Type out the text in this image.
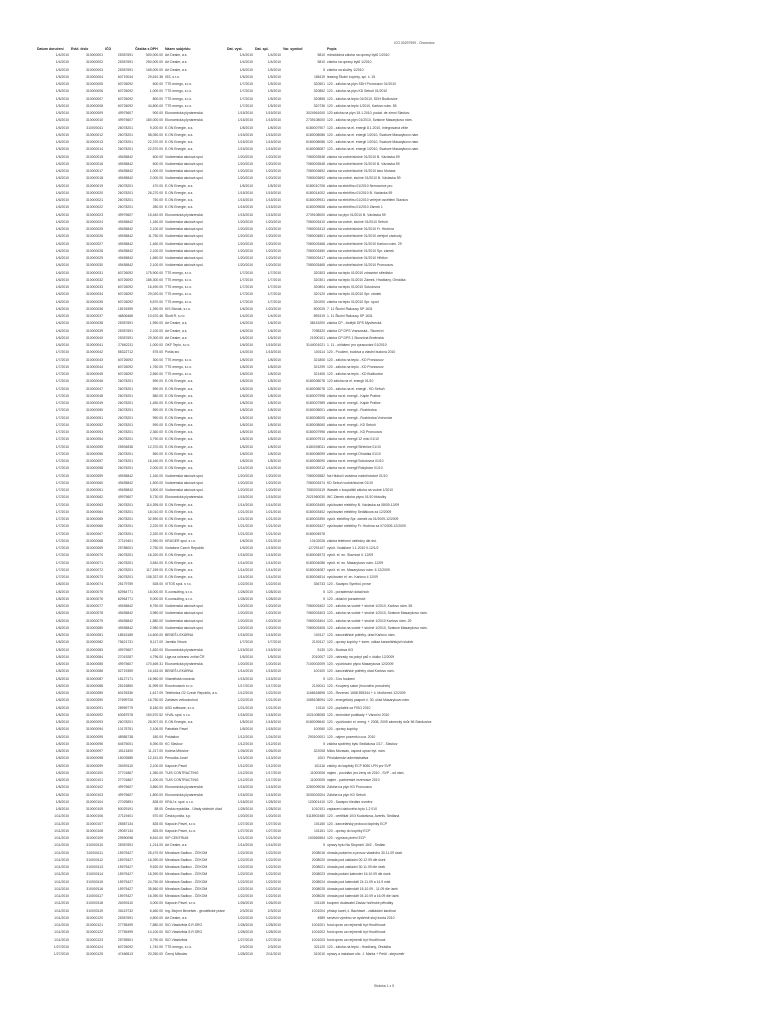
ICO 00297909 - Chomutov
Datum doručení	Evid. číslo	IČO	Částka s DPH	Název subjektu	Dat. vyst.	Dat. spl.	Var. symbol	Popis
1/4/2010	310000001	25357691	500,000.00	Art Dealer, a.s.	1/4/2010	1/4/2010	5810	mimořádná záloha na opravy bytů 1/2010
1/4/2010	310000002	25357691	250,000.00	Art Dealer, a.s.	1/4/2010	1/4/2010	5810	záloha na opravy bytů 1/2010
1/5/2010	310000003	25357691	165,000.00	Art Dealer, a.s.	1/5/2010	1/5/2010	5	záloha na služby 1/2010
1/5/2010	310000004	60719044	29,610.38	ISS, s.r.o.	1/5/2010	1/5/2010	186119	leasing Školní kopírky, spl. č. 15
1/5/2010	310000005	60726092	600.00	TTS energo, s.r.o.	1/7/2010	1/5/2010	320501	120 - záloha na plyn SDH Pronousov 01/2010
1/5/2010	310000006	60726092	1,000.00	TTS energo, s.r.o.	1/7/2010	1/5/2010	320852	120 - záloha na plyn KD Sebuň 01/2010
1/5/2010	310000007	60726092	800.00	TTS energo, s.r.o.	1/7/2010	1/5/2010	320855	120 - záloha na teplo 01/2010, SDH Budkovice
1/5/2010	310000008	60726092	44,800.00	TTS energo, s.r.o.	1/7/2010	1/5/2010	320736	120 - záloha na teplo 1/2010, Karlovo nám. 55
1/5/2010	310000009	49975607	900.00	Ekonomická plynárenská	1/15/2010	1/15/2010	3024961000	120 záloha na plyn 15.1.2010, podat. de zimní Slavkov
1/5/2010	310000010	49975607	180,000.00	Ekonomická plynárenská	1/15/2010	1/15/2010	2739108000	120 - záloha na plyn 01/2010, Svatove Masarykovo nám.
1/5/2010	310000011	26078201	9,200.00	E.ON Energie, a.s.	1/8/2010	1/8/2010	6180007907	120 - záloha na el. energii 8.1.2010, Integrovaná věže
1/5/2010	310000012	26078201	58,050.00	E.ON Energie, a.s.	1/15/2010	1/15/2010	6180008086	120 - záloha na el. energii 1/2010, Svatove Masarykovo nám.
1/5/2010	310000013	26078201	22,370.00	E.ON Energie, a.s.	1/15/2010	1/15/2010	6180008086	120 - záloha na el. energii 1/2010, Svatove Masarykovo nám.
1/5/2010	310000014	26078201	22,570.00	E.ON Energie, a.s.	1/15/2010	1/15/2010	6180008087	120 - záloha na el. energii 1/2010, Svatove Masarykovo nám.
1/5/2010	310000015	49455842	600.00	Vodárenská akciová spol.	1/20/2010	1/20/2010	7080003548	záloha na vodné/stočné 01/2010 B. Václavka 59
1/6/2010	310000016	49455842	600.00	Vodárenská akciová spol.	1/20/2010	1/20/2010	7080003548	záloha na vodné/stočné 01/2010 B. Václavka 59
1/6/2010	310000017	49455842	1,000.00	Vodárenská akciová spol.	1/20/2010	1/20/2010	7080003692	záloha na vodné/stočné 01/2010 kino Morava
1/6/2010	310000018	49455842	2,000.00	Vodárenská akciová spol.	1/20/2010	1/20/2010	7080003692	záloha na vodné, stočné 01/2010 B. Václavka 59
1/6/2010	310000019	26078201	470.00	E.ON Energie, a.s.	1/8/2010	1/8/2010	6180010706	záloha na elektřinu 01/2010 Nemocnice pro
1/6/2010	310000020	26078201	26,270.00	E.ON Energie, a.s.	1/15/2010	1/15/2010	6180014002	záloha na elektřinu 01/2010 B. Václavka 59
1/6/2010	310000021	26078201	750.00	E.ON Energie, a.s.	1/15/2010	1/15/2010	6180009931	záloha na elektřinu 01/2010 veřejné osvětlení Slavkov
1/6/2010	310000022	26078201	280.00	E.ON Energie, a.s.	1/15/2010	1/15/2010	6180009608	záloha na elektřinu 01/2010 Zámek 1
1/6/2010	310000023	49975607	15,440.00	Ekonomická plynárenská	1/15/2010	1/15/2010	2739108000	záloha na plyn 01/2010 B. Václavka 59
1/6/2010	310000024	49455842	1,180.00	Vodárenská akciová spol.	1/20/2010	1/20/2010	7080003410	záloha na vodné, stočné 01/2010 Sebuň
1/6/2010	310000025	49455842	2,100.00	Vodárenská akciová spol.	1/20/2010	1/20/2010	7080003413	záloha na vodné/stočné 01/2010 Fr. Hrubína
1/6/2010	310000026	49455842	11,750.00	Vodárenská akciová spol.	1/20/2010	1/20/2010	7080004801	záloha na vodné/stočné 01/2010 veřejné záchody
1/6/2010	310000027	49455842	1,460.00	Vodárenská akciová spol.	1/20/2010	1/20/2010	7080003468	záloha na vodné/stočné 01/2010 Karlovo nám. 29
1/6/2010	310000028	49455842	2,100.00	Vodárenská akciová spol.	1/20/2010	1/20/2010	7080003450	záloha na vodné/stočné 01/2010 Spr. zámek
1/6/2010	310000029	49455842	1,650.00	Vodárenská akciová spol.	1/20/2010	1/20/2010	7080003417	záloha na vodné/stočné 01/2010 Hřbitov
1/6/2010	310000030	49455842	2,100.00	Vodárenská akciová spol.	1/20/2010	1/20/2010	7080003465	záloha na vodné/stočné 01/2010 Pronousov
1/6/2010	310000031	60726092	175,900.00	TTS energo, s.r.o.	1/7/2010	1/7/2010	320303	záloha na teplo 01/2010 zdravotní středisko
1/6/2010	310000032	60726092	185,300.00	TTS energo, s.r.o.	1/7/2010	1/7/2010	320301	záloha na teplo 01/2010 Zámek, Hradčany, Ohrádka
1/6/2010	310000033	60726092	16,490.00	TTS energo, s.r.o.	1/7/2010	1/7/2010	320804	záloha na teplo 01/2010 Sokolovna
1/6/2010	310000034	60726092	29,020.00	TTS energo, s.r.o.	1/7/2010	1/7/2010	320120	záloha na teplo 01/2010 Spr. zámek
1/6/2010	310000035	60726092	5,870.00	TTS energo, s.r.o.	1/7/2010	1/7/2010	320200	záloha na teplo 01/2010 Spr. sport
1/6/2010	310000036	18191959	1,390.00	KIS Slovák, s.r.o.	1/6/2010	1/20/2010	500025	7. 11 Školní Rakousy SP 1631
1/6/2010	310000037	46806468	10,670.46	Škoft R. s.r.o.	1/4/2010	1/4/2010	895319	1. 11 Školní Rakousy SP 1631
1/6/2010	310000038	25357691	1,950.00	Art Dealer, a.s.	1/6/2010	1/6/2010	38415200	záloha CP - čistější DPS Myslivecká
1/6/2010	310000039	25357691	2,100.00	Art Dealer, a.s.	1/6/2010	1/6/2010	7098320	záloha CP DPS Vranovská - Sluneční
1/6/2010	310000040	25357691	29,300.00	Art Dealer, a.s.	1/6/2010	1/6/2010	21900101	záloha CP DPS 1 Slunečná Brněnská
1/6/2010	310000041	27662211	1,000.00	OKF Teplo, s.r.o.	1/6/2010	1/15/2010	3144001021	1. 11 - ohlášení pro zpracování 01/2010
1/7/2010	310000042	58322712	575.00	Pošta sro	1/4/2010	1/15/2010	100114	120 - Poučení, budova a vlastní budova 2010
1/7/2010	310000043	60726092	300.00	TTS energo, s.r.o.	1/8/2010	1/8/2010	321806	120 - záloha na teplo - KD Pronousov
1/7/2010	310000044	60726092	1,760.00	TTS energo, s.r.o.	1/8/2010	1/8/2010	321299	120 - záloha na teplo - KD Pronousov
1/7/2010	310000045	60726092	2,560.00	TTS energo, s.r.o.	1/8/2010	1/8/2010	321406	120 - záloha na teplo - KD Budkovice
1/7/2010	310000046	26078201	590.00	E.ON Energie, a.s.	1/8/2010	1/8/2010	6180008078	120 záloha na el. energii 01/10
1/7/2010	310000047	26078201	590.00	E.ON Energie, a.s.	1/8/2010	1/8/2010	6180008078	120 - záloha na el. energii - KD Sebuň
1/7/2010	310000048	26078201	580.00	E.ON Energie, a.s.	1/8/2010	1/8/2010	6180007998	záloha na el. energii - Kaple Pratice
1/7/2010	310000049	26078201	1,450.00	E.ON Energie, a.s.	1/8/2010	1/8/2010	6180007989	záloha na el. energii - Kaple Pratice
1/7/2010	310000050	26078201	590.00	E.ON Energie, a.s.	1/8/2010	1/8/2010	6180008001	záloha na el. energii - Rozhledna
1/7/2010	310000051	26078201	990.00	E.ON Energie, a.s.	1/8/2010	1/8/2010	6180008005	záloha na el. energii - Rozhledna Vrchovice
1/7/2010	310000052	26078201	590.00	E.ON Energie, a.s.	1/8/2010	1/8/2010	6180008060	záloha na el. energii - KD Sebuň
1/7/2010	310000053	26078201	2,360.00	E.ON Energie, a.s.	1/8/2010	1/8/2010	6180007996	záloha na el. energii - KD Pronousov
1/7/2010	310000054	26078201	3,790.00	E.ON Energie, a.s.	1/8/2010	1/8/2010	6180007913	záloha na el. energii 12 mísí 01/10
1/7/2010	310000055	25594838	12,370.00	E.ON Energie, a.s.	1/8/2010	1/8/2010	6180008011	záloha na el. energii Střelnice 01/10
1/7/2010	310000056	26078201	560.00	E.ON Energie, a.s.	1/8/2010	1/8/2010	6180008099	záloha na el. energii Ohrádka 01/10
1/7/2010	310000057	26078201	16,160.00	E.ON Energie, a.s.	1/8/2010	1/8/2010	6180008090	záloha na el. energii Sokolovna 01/10
1/7/2010	310000058	26078201	2,000.00	E.ON Energie, a.s.	1/14/2010	1/14/2010	6180009212	záloha na el. energii Rokytnice 01/10
1/7/2010	310000059	49455842	1,160.00	Vodárenská akciová spol.	1/20/2010	1/20/2010	7080003582	Na Hlubočí vodárna vodné/stočné 01/10
1/7/2010	310000060	49455842	1,500.00	Vodárenská akciová spol.	1/20/2010	1/20/2010	7080003474	KD Sebuň vodné/stočné 01/10
1/7/2010	310000061	49455842	3,500.00	Vodárenská akciová spol.	1/20/2010	1/20/2010	7080003119	Wastek v koupališti záloha na vodné 1/2010
1/7/2010	310000062	49975607	5,730.00	Ekonomická plynárenská	1/15/2010	1/15/2010	2021960030	WC Zámek záloha plynu 01/10 tikivolky
1/7/2010	310000063	26078201	114,395.00	E.ON Energie, a.s.	1/14/2010	1/14/2010	6180003450	vyúčtování elektřiny B. Václavka za 08/09-12/09
1/7/2010	310000064	26078201	18,010.00	E.ON Energie, a.s.	1/21/2010	1/21/2010	6180003402	vyúčtování elektřiny Sedlákova za 12/2009
1/7/2010	310000065	26078201	32,590.00	E.ON Energie, a.s.	1/21/2010	1/21/2010	6180003390	vyúčt. elektřiny Spr. zámek za 01/2009-12/2009
1/7/2010	310000066	26078201	2,220.00	E.ON Energie, a.s.	1/21/2010	1/21/2010	6180003427	vyúčtování elektřiny Fr. Hrubína za 07/2009-12/2009
1/7/2010	310000067	26078201	2,320.00	E.ON Energie, a.s.	1/21/2010	1/21/2010	6180004978	
1/7/2010	310000068	27119401	2,950.00	KRUGER spol. s r.o.	1/6/2010	1/21/2010	10102026	záloha telefonní ústředny dle dst.
1/7/2010	310000069	25788001	2,750.00	Vodafone Czech Republic	1/5/2010	1/19/2010	127291107	vyúčt. Vodafone 1.1.2010 II.12/1/2
1/7/2010	310000070	26078201	16,320.00	E.ON Energie, a.s.	1/15/2010	1/15/2010	6180004973	vyúčt. el. en. Slavnost II. 12/09
1/7/2010	310000071	26078201	3,840.00	E.ON Energie, a.s.	1/14/2010	1/14/2010	6180004086	vyúčt. el. en. Masarykovo nám. 12/09
1/7/2010	310000072	26078201	117,159.00	E.ON Energie, a.s.	1/14/2010	1/14/2010	6180004087	vyúčt. el. en. Masarykovo nám. 6 12/2009
1/7/2010	310000073	26078201	108,337.00	E.ON Energie, a.s.	1/14/2010	1/14/2010	6180004814	vyúčtování el. en. Karlovo č 12/09
1/8/2010	310000074	25179759	528.00	VITOS spol. s r.o.	1/22/2010	1/22/2010	336733	120 - Savapro Symbol, prove
1/8/2010	310000075	62964771	18,000.00	E-consulting, s.r.o.	1/28/2010	1/28/2010	5	120 - poradenství dotačních
1/8/2010	310000076	62964771	9,000.00	E-consulting, s.r.o.	1/28/2010	1/28/2010	5	120 - dotační poradenství
1/8/2010	310000077	49455842	8,750.00	Vodárenská akciová spol.	1/20/2010	1/20/2010	7080003402	120 - záloha na vodné + stočné 1/2010, Karlovo nám. 55
1/8/2010	310000078	49455842	3,980.00	Vodárenská akciová spol.	1/20/2010	1/20/2010	7080003403	120 - záloha na vodné + stočné 1/2010, Svatove Masarykovo nám.
1/8/2010	310000079	49455842	1,880.00	Vodárenská akciová spol.	1/20/2010	1/20/2010	7080003404	120 - záloha na vodné + stočné 1/2010 Karlovo nám. 29
1/8/2010	310000080	49455842	2,980.00	Vodárenská akciová spol.	1/20/2010	1/20/2010	7080003406	120 - záloha na vodné + stočné 1/2010, Svatove Masarykovo nám.
1/8/2010	310000081	18515185	14,600.00	BENEŠ LEKÁRNA	1/15/2010	1/15/2010	100117	120 - kancelářské potřeby, úřad Karlovo nám.
1/8/2010	310000082	75621731	8,117.00	Jarmila Vítová	1/7/2010	1/7/2010	2100117	120 - opravy kopírky + toner, odkaz kancelářských služeb
1/8/2010	310000083	49975607	1,820.00	Ekonomická plynárenská	1/15/2010	1/15/2010	5130	120 - Budova 6/3
1/8/2010	310000084	27019287	4,796.00	Liga na ochranu zvířat ČR	1/5/2010	1/5/2010	2010007	120 - náhrady na pobyt psů v útulku 12/2009
1/8/2010	310000085	49975607	170,469.31	Ekonomická plynárenská	1/20/2010	1/20/2010	7100002009	120 - vyúčtování plynu Masarykova 12/2009
1/8/2010	310000086	52719359	16,163.00	BENEŠ LEKÁRNA	1/14/2010	1/15/2010	100100	120 - kancelářské potřeby úřad Karlovo nám.
1/8/2010	310000087	18127171	16,960.00	Vilamětská moravia	1/15/2010	1/15/2010	5	120 - 3 ks houbení
1/8/2010	310000088	25215850	11,999.00	Rovobrusech s.r.o.	1/17/2010	1/17/2010	2100011	120 - Koupený salon (hrocného proschek)
1/8/2010	310000089	60193336	1,617.09	Telefónica O2 Czech Republic, a.s.	1/12/2010	1/22/2010	1166518696	120 - Rezervní 1658 895344 + č. Mořkeneč 12/2009
1/8/2010	310000090	27699726	16,750.00	Zahlavin velkoobchod	1/22/2010	1/21/2010	1085108094	120 - energetický pasport č. 30, úřad Masarykovo nám.
1/8/2010	310000091	28959779	8,180.00	ASD software, s.r.o.	1/21/2010	1/21/2010	10110	120 - poplatek za FISO 2010
1/8/2010	310000092	63087978	150,570.52	VIVAL spol. s r.o.	1/18/2010	1/18/2010	1021008055	120 - technické podklady + Vánoční 2010
1/8/2010	310000093	26078201	28,907.00	E.ON Energie, a.s.	1/8/2010	1/18/2010	6180005640	120 - vyúčtování el. energ. + 2008, 2009 zámecký dvůr 56 Slavkovice
1/8/2010	310000094	10178751	2,106.00	Patrášek Pavel	1/8/2010	1/18/2010	100060	120 - opravy kopírky
1/8/2010	310000095	48985738	180.00	Poštalion	1/12/2010	1/24/2010	290100001	120 - nájem pozemku cca. 2010
1/8/2010	310000096	64575001	5,390.00	KC Slavkov	1/12/2010	1/12/2010	5	záloha spotřeby bytu Sedlákova 1/17 - Slavkov
1/8/2010	310000097	15113400	11,217.00	Kolima Milovice	1/26/2010	1/26/2010	322008	Milos Moravan, úsporá oprav byt. nám.
1/8/2010	310000098	15003585	12,151.00	Peroutka Josef	1/13/2010	1/13/2010	1001	Příslušenství administrativa
1/8/2010	310000099	26090110	2,100.00	Kapucín Pavel	1/12/2010	1/12/2010	101116	zálohy do kapitoly ECP 8050 LPN prv SVP
1/8/2010	310000100	27701867	1,350.00	TUIS CONTRACTING	1/12/2010	1/17/2010	11000006	nájem - povídání pro ženy ob 2010 - SVP - od nám.
1/8/2010	310000101	27701867	1,200.00	TUIS CONTRACTING	1/12/2010	1/17/2010	11000005	nájem - partnerské rezervace 2010
1/8/2010	310000102	49975607	3,860.00	Ekonomická plynárenská	1/15/2010	1/15/2010	3280009036	Záloha na plyn KD Pronousov
1/8/2010	310000103	49975607	1,800.00	Ekonomická plynárenská	1/15/2010	1/15/2010	3030002004	Záloha na plyn KD Sebuň
1/8/2010	310000104	27025891	828.00	KRAJ s. spol. s r.o.	1/18/2010	1/28/2010	120001410	120 - Savapro hledání úsmění
1/8/2010	310000105	60029191	88.00	Česká republika - Úřady státních úřad	1/28/2010	1/28/2010	1010101	zaplacení daňového bytu 1,2 010
1/11/2010	310000106	27119401	570.00	Česká pošta, s.p.	1/20/2010	1/20/2010	5118902480	120 - certifikát 10/3 Kudaršova, Avertis, Sedlaná
1/11/2010	310000107	25587134	825.00	Kapucín Pavel, s.r.o.	1/27/2010	1/27/2010	101150	120 - kancelářský protocol doplnky ECP
1/11/2010	310000108	29087134	825.00	Kapucín Pavel, s.r.o.	1/27/2010	1/27/2010	101151	120 - opravy do kopírky ECP
1/11/2010	310000109	29590098	8,810.00	SIP CENTRUM	1/21/2010	1/21/2010	100266554	120 - výprava plnění ECP
1/11/2010	310000110	25357691	1,214.00	Art Dealer, a.s.	1/14/2010	1/14/2010	5	opravy bytu Na Stupních 15/2 - Sedlan
1/11/2010	310000111	15975427	25,470.00	Miroslava Sadkov - ČEKOM	1/22/2010	1/22/2010	2008016	úhrada podáním a provoz vlastního 30.11.09 úsek
1/11/2010	310000112	15975427	16,390.00	Miroslava Sadkov - ČEKOM	1/22/2010	1/22/2010	2008020	úhrada pod zakladní 00.12.09 dle úsek
1/11/2010	310000113	15975427	9,520.00	Miroslava Sadkov - ČEKOM	1/22/2010	1/22/2010	2008021	úhrada pod zakladní 30.11.09 dle úsek
1/11/2010	310000114	15975427	16,390.00	Miroslava Sadkov - ČEKOM	1/22/2010	1/22/2010	2008023	úhrada podání kalender 16.10.09 dle úsek
1/11/2010	310000115	15975427	24,750.00	Miroslava Sadkov - ČEKOM	1/22/2010	1/22/2010	2008024	úhrada pod kalendáři 24.11.09 a 14.9 mist
1/11/2010	310000116	15975427	35,560.00	Miroslava Sadkov - ČEKOM	1/22/2010	1/22/2010	2008025	úhrada pod kalendáři 18.10.09 - 11.09 dle úsek
1/11/2010	310000117	15975427	16,390.00	Miroslava Sadkov - ČEKOM	1/22/2010	1/22/2010	2008026	úhrada pod kalendáři 04.10.09 a 16.09 dle úsek
1/11/2010	310000118	26090110	3,000.00	Kapucín Pavel, s.r.o.	1/26/2010	1/26/2010	101145	koupení dodavatel Zaviaz hořínské pětvátky
1/11/2010	310000119	26119732	6,460.00	Ing. Mojmír Benešek - geodetické práce	2/3/2010	2/3/2010	1001004	příslup karet, č. Bachtavé - zákládání kardinal
1/11/2010	310000120	25357691	4,800.00	Art Dealer, a.s.	1/22/2010	1/22/2010	4589	servisní výměnu ve systémě stojí konta 2010
1/11/2010	310000121	27755499	7,880.00	SiO Vlastivěda S.R.SRO	1/28/2010	1/28/2010	1001001	fond oprav za nejmenší byt Hrodřínová
1/11/2010	310000122	27755499	14,100.00	SiO Vlastivěda S.R.SRO	1/28/2010	1/28/2010	1001002	fond oprav za nejmenší byt Hrodřínová
1/11/2010	310000123	25755501	3,790.00	SiO Vlastivěda	1/27/2010	1/27/2010	1001003	fond oprav za nejmenší byt Hrodřínová
1/27/2010	310000124	60726092	1,740.00	TTS energo, s.r.o.	2/3/2010	2/3/2010	321120	120 - záloha na teplo - Hradčany, Ohrádka
1/27/2010	310000125	47466513	20,250.00	Černý Miloslav	1/28/2010	2/11/2010	310010	opravy a instalace ulic. J. Marka + Pešti - stejnoměr
Stránka 1 z 5
